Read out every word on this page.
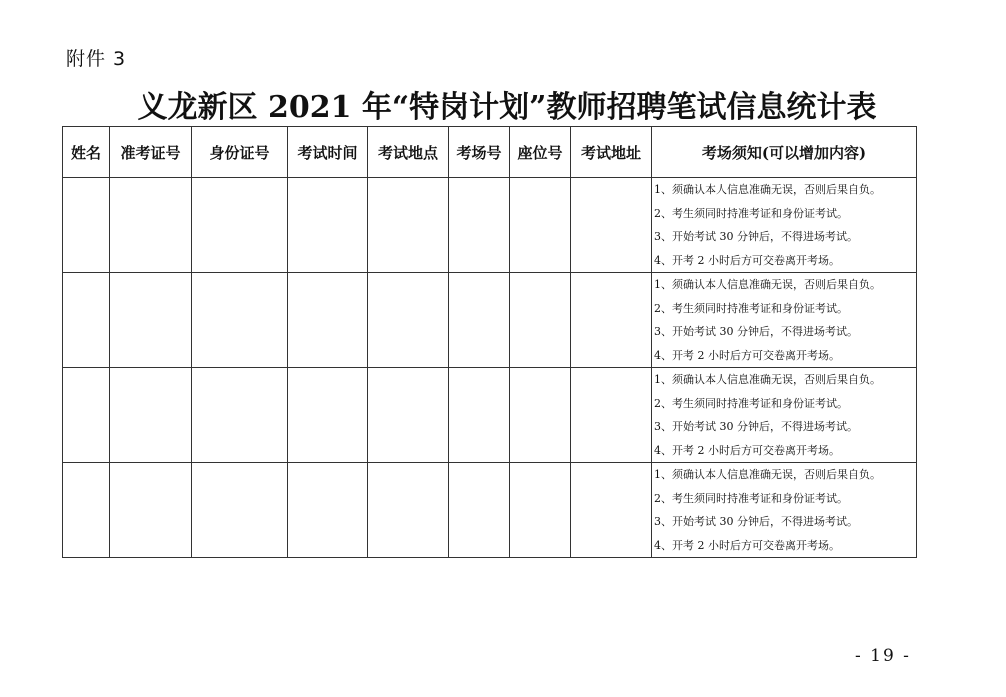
附件 3
义龙新区 2021 年“特岗计划”教师招聘笔试信息统计表
姓名	准考证号	身份证号	考试时间	考试地点	考场号	座位号	考试地址	考场须知(可以增加内容)

								1、须确认本人信息准确无误，否则后果自负。
2、考生须同时持准考证和身份证考试。
3、开始考试 30 分钟后，不得进场考试。
4、开考 2 小时后方可交卷离开考场。

								1、须确认本人信息准确无误，否则后果自负。
2、考生须同时持准考证和身份证考试。
3、开始考试 30 分钟后，不得进场考试。
4、开考 2 小时后方可交卷离开考场。

								1、须确认本人信息准确无误，否则后果自负。
2、考生须同时持准考证和身份证考试。
3、开始考试 30 分钟后，不得进场考试。
4、开考 2 小时后方可交卷离开考场。

								1、须确认本人信息准确无误，否则后果自负。
2、考生须同时持准考证和身份证考试。
3、开始考试 30 分钟后，不得进场考试。
4、开考 2 小时后方可交卷离开考场。
- 19 -
